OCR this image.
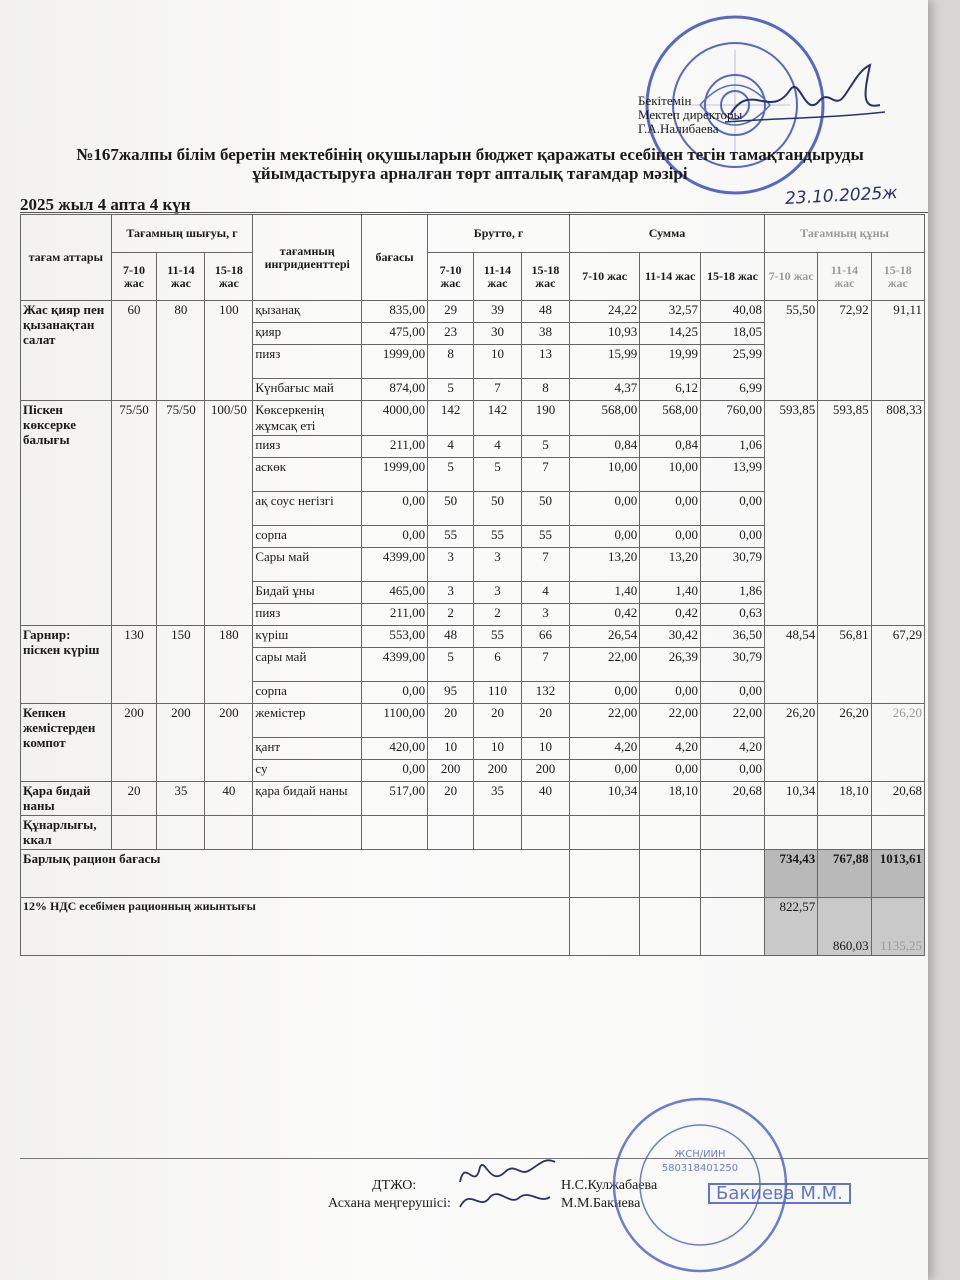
Бекітемін
Мектеп директоры
Г.А.Налибаева
№167жалпы білім беретін мектебінің оқушыларын бюджет қаражаты есебінен тегін тамақтандыруды ұйымдастыруға арналған төрт апталық тағамдар мәзірі
2025 жыл 4 апта 4 күн	23.10.2025ж
тағам аттары	Тағамның шығуы, г			тағамның ингридиенттері	бағасы	Брутто, г			Сумма			Тағамның құны		
	7-10 жас	11-14 жас	15-18 жас			7-10 жас	11-14 жас	15-18 жас	7-10 жас	11-14 жас	15-18 жас	7-10 жас	11-14 жас	15-18 жас
Жас қияр пен қызанақтан салат	60	80	100	қызанақ	835,00	29	39	48	24,22	32,57	40,08	55,50	72,92	91,11
				қияр	475,00	23	30	38	10,93	14,25	18,05			
				пияз	1999,00	8	10	13	15,99	19,99	25,99			
				Күнбағыс май	874,00	5	7	8	4,37	6,12	6,99			
Піскен көксерке балығы	75/50	75/50	100/50	Көксеркенің жұмсақ еті	4000,00	142	142	190	568,00	568,00	760,00	593,85	593,85	808,33
				пияз	211,00	4	4	5	0,84	0,84	1,06			
				аскөк	1999,00	5	5	7	10,00	10,00	13,99			
				ақ соус негізгі	0,00	50	50	50	0,00	0,00	0,00			
				сорпа	0,00	55	55	55	0,00	0,00	0,00			
				Сары май	4399,00	3	3	7	13,20	13,20	30,79			
				Бидай ұны	465,00	3	3	4	1,40	1,40	1,86			
				пияз	211,00	2	2	3	0,42	0,42	0,63			
Гарнир: піскен күріш	130	150	180	күріш	553,00	48	55	66	26,54	30,42	36,50	48,54	56,81	67,29
				сары май	4399,00	5	6	7	22,00	26,39	30,79			
				сорпа	0,00	95	110	132	0,00	0,00	0,00			
Кепкен жемістерден компот	200	200	200	жемістер	1100,00	20	20	20	22,00	22,00	22,00	26,20	26,20	26,20
				қант	420,00	10	10	10	4,20	4,20	4,20			
				су	0,00	200	200	200	0,00	0,00	0,00			
Қара бидай наны	20	35	40	қара бидай наны	517,00	20	35	40	10,34	18,10	20,68	10,34	18,10	20,68
Құнарлығы, ккал														
Барлық рацион бағасы												734,43	767,88	1013,61
12% НДС есебімен рационның жиынтығы												822,57	860,03	1135,25
ДТЖО:
Асхана меңгерушісі:
Н.С.Кулжабаева
М.М.Бакиева
ЖСН/ИИН
580318401250
Бакиева М.М.
